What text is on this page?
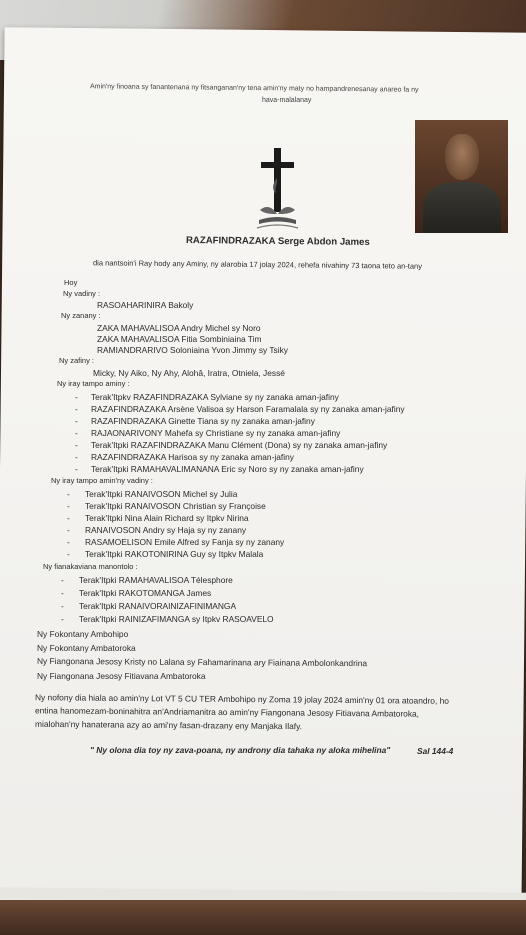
Amin'ny finoana sy fanantenana ny fitsanganan'ny tena amin'ny maty no hampandrenesanay anareo fa ny
hava-malalanay
RAZAFINDRAZAKA Serge Abdon James
dia nantsoin'i Ray hody any Aminy, ny alarobia 17 jolay 2024, rehefa nivahiny 73 taona teto an-tany
Hoy
Ny vadiny :
RASOAHARINIRA Bakoly
Ny zanany :
ZAKA MAHAVALISOA Andry Michel sy Noro
ZAKA MAHAVALISOA Fitia Sombiniaina Tim
RAMIANDRARIVO Soloniaina Yvon Jimmy sy Tsiky
Ny zafiny :
Micky, Ny Aiko, Ny Ahy, Alohâ, Iratra, Otniela, Jessé
Ny iray tampo aminy :
- Terak'Itpkv RAZAFINDRAZAKA Sylviane sy ny zanaka aman-jafiny
- RAZAFINDRAZAKA Arsène Valisoa sy Harson Faramalala sy ny zanaka aman-jafiny
- RAZAFINDRAZAKA Ginette Tiana sy ny zanaka aman-jafiny
- RAJAONARIVONY Mahefa sy Christiane sy ny zanaka aman-jafiny
- Terak'Itpki RAZAFINDRAZAKA Manu Clément (Dona) sy ny zanaka aman-jafiny
- RAZAFINDRAZAKA Harisoa sy ny zanaka aman-jafiny
- Terak'Itpki RAMAHAVALIMANANA Eric sy Noro sy ny zanaka aman-jafiny
Ny iray tampo amin'ny vadiny :
- Terak'Itpki RANAIVOSON Michel sy Julia
- Terak'Itpki RANAIVOSON Christian sy Françoise
- Terak'Itpki Nina Alain Richard sy Itpkv Nirina
- RANAIVOSON Andry sy Haja sy ny zanany
- RASAMOELISON Emile Alfred sy Fanja sy ny zanany
- Terak'Itpki RAKOTONIRINA Guy sy Itpkv Malala
Ny fianakaviana manontolo :
- Terak'Itpki RAMAHAVALISOA Télesphore
- Terak'Itpki RAKOTOMANGA James
- Terak'Itpki RANAIVORAINIZAFINIMANGA
- Terak'Itpki RAINIZAFIMANGA sy Itpkv RASOAVELO
Ny Fokontany Ambohipo
Ny Fokontany Ambatoroka
Ny Fiangonana Jesosy Kristy no Lalana sy Fahamarinana ary Fiainana Ambolonkandrina
Ny Fiangonana Jesosy Fitiavana Ambatoroka
Ny nofony dia hiala ao amin'ny Lot VT 5 CU TER Ambohipo ny Zoma 19 jolay 2024 amin'ny 01 ora atoandro, ho
entina hanomezam-boninahitra an'Andriamanitra ao amin'ny Fiangonana Jesosy Fitiavana Ambatoroka,
mialohan'ny hanaterana azy ao ami'ny fasan-drazany eny Manjaka Ilafy.
" Ny olona dia toy ny zava-poana, ny androny dia tahaka ny aloka mihelina"	Sal 144-4
